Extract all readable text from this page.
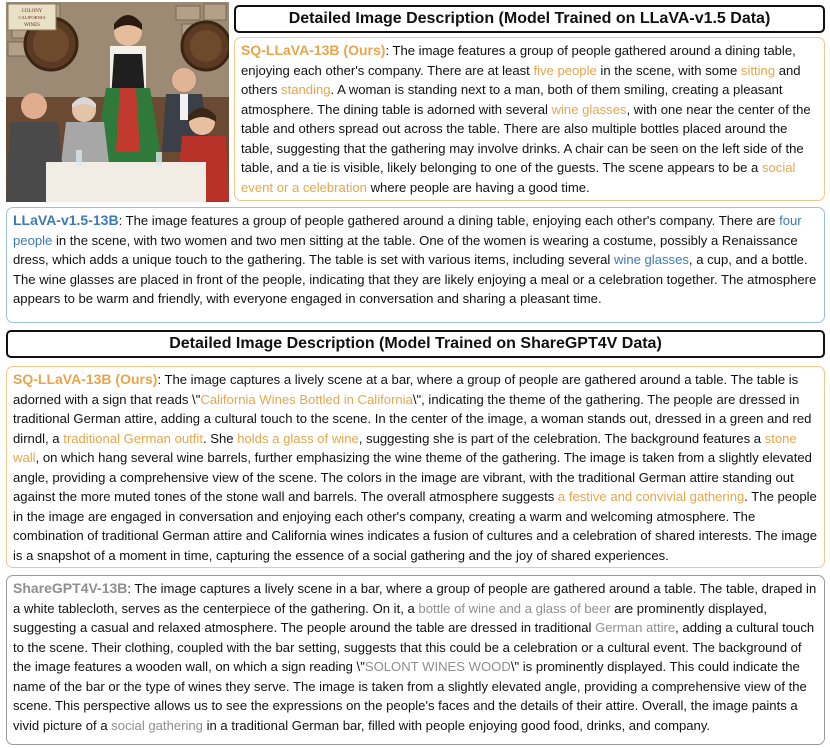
COLONY
CALIFORNIA
WINES	Detailed Image Description (Model Trained on LLaVA-v1.5 Data)
SQ-LLaVA-13B (Ours): The image features a group of people gathered around a dining table, enjoying each other's company. There are at least five people in the scene, with some sitting and others standing. A woman is standing next to a man, both of them smiling, creating a pleasant atmosphere. The dining table is adorned with several wine glasses, with one near the center of the table and others spread out across the table. There are also multiple bottles placed around the table, suggesting that the gathering may involve drinks. A chair can be seen on the left side of the table, and a tie is visible, likely belonging to one of the guests. The scene appears to be a social event or a celebration where people are having a good time.
LLaVA-v1.5-13B: The image features a group of people gathered around a dining table, enjoying each other's company. There are four people in the scene, with two women and two men sitting at the table. One of the women is wearing a costume, possibly a Renaissance dress, which adds a unique touch to the gathering. The table is set with various items, including several wine glasses, a cup, and a bottle. The wine glasses are placed in front of the people, indicating that they are likely enjoying a meal or a celebration together. The atmosphere appears to be warm and friendly, with everyone engaged in conversation and sharing a pleasant time.
Detailed Image Description (Model Trained on ShareGPT4V Data)
SQ-LLaVA-13B (Ours): The image captures a lively scene at a bar, where a group of people are gathered around a table. The table is adorned with a sign that reads \"California Wines Bottled in California\", indicating the theme of the gathering. The people are dressed in traditional German attire, adding a cultural touch to the scene. In the center of the image, a woman stands out, dressed in a green and red dirndl, a traditional German outfit. She holds a glass of wine, suggesting she is part of the celebration. The background features a stone wall, on which hang several wine barrels, further emphasizing the wine theme of the gathering. The image is taken from a slightly elevated angle, providing a comprehensive view of the scene. The colors in the image are vibrant, with the traditional German attire standing out against the more muted tones of the stone wall and barrels. The overall atmosphere suggests a festive and convivial gathering. The people in the image are engaged in conversation and enjoying each other's company, creating a warm and welcoming atmosphere. The combination of traditional German attire and California wines indicates a fusion of cultures and a celebration of shared interests. The image is a snapshot of a moment in time, capturing the essence of a social gathering and the joy of shared experiences.
ShareGPT4V-13B: The image captures a lively scene in a bar, where a group of people are gathered around a table. The table, draped in a white tablecloth, serves as the centerpiece of the gathering. On it, a bottle of wine and a glass of beer are prominently displayed, suggesting a casual and relaxed atmosphere. The people around the table are dressed in traditional German attire, adding a cultural touch to the scene. Their clothing, coupled with the bar setting, suggests that this could be a celebration or a cultural event. The background of the image features a wooden wall, on which a sign reading \"SOLONT WINES WOOD\" is prominently displayed. This could indicate the name of the bar or the type of wines they serve. The image is taken from a slightly elevated angle, providing a comprehensive view of the scene. This perspective allows us to see the expressions on the people's faces and the details of their attire. Overall, the image paints a vivid picture of a social gathering in a traditional German bar, filled with people enjoying good food, drinks, and company.
